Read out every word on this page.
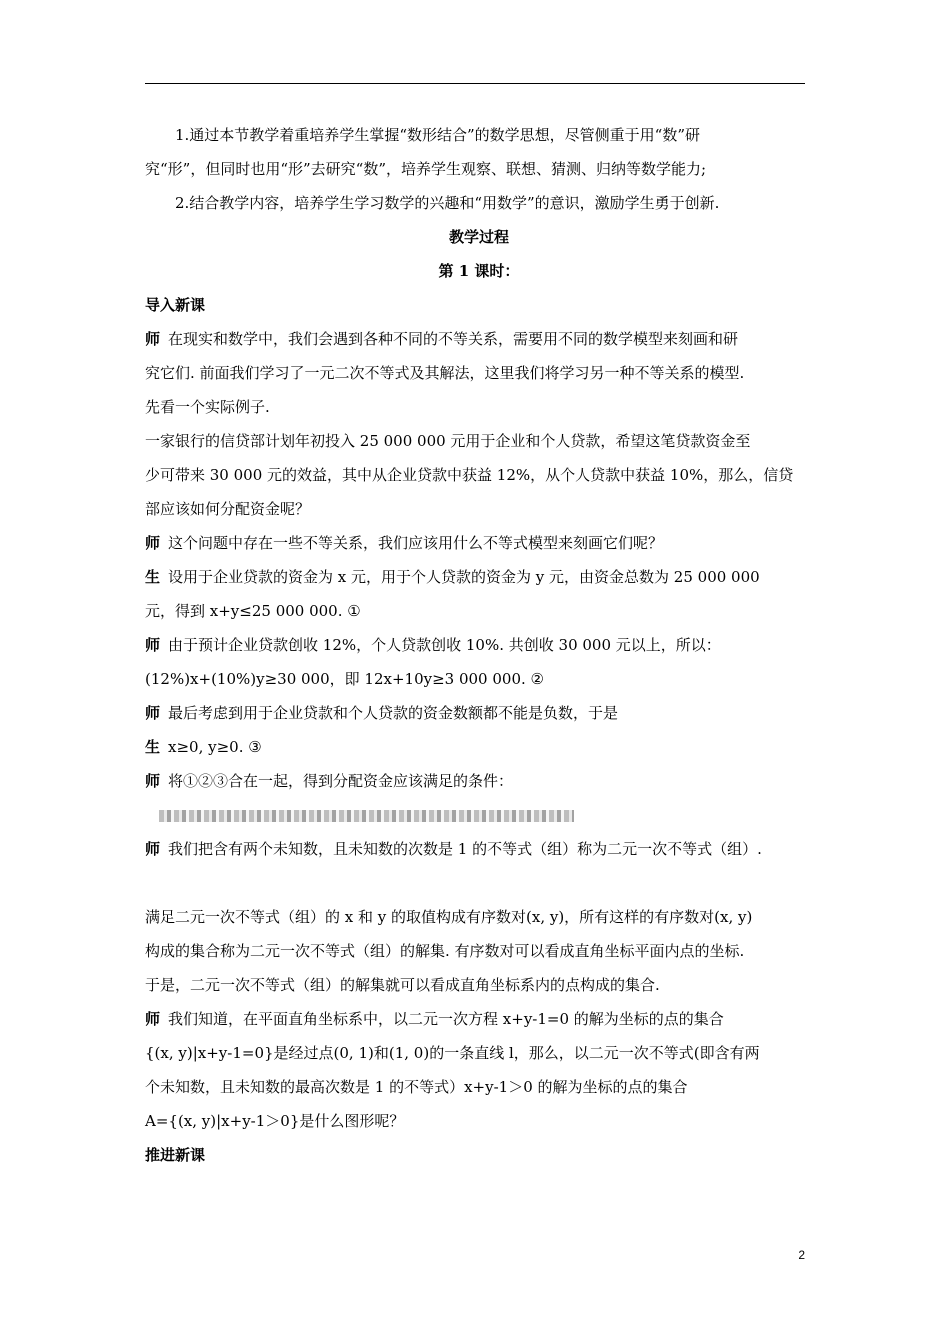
1.通过本节教学着重培养学生掌握“数形结合”的数学思想，尽管侧重于用“数”研
究“形”，但同时也用“形”去研究“数”，培养学生观察、联想、猜测、归纳等数学能力;
2.结合教学内容，培养学生学习数学的兴趣和“用数学”的意识，激励学生勇于创新.
教学过程
第 1 课时：
导入新课
师 在现实和数学中，我们会遇到各种不同的不等关系，需要用不同的数学模型来刻画和研
究它们. 前面我们学习了一元二次不等式及其解法，这里我们将学习另一种不等关系的模型.
先看一个实际例子.
一家银行的信贷部计划年初投入 25 000 000 元用于企业和个人贷款，希望这笔贷款资金至
少可带来 30 000 元的效益，其中从企业贷款中获益 12%，从个人贷款中获益 10%，那么，信贷
部应该如何分配资金呢？
师 这个问题中存在一些不等关系，我们应该用什么不等式模型来刻画它们呢？
生 设用于企业贷款的资金为 x 元，用于个人贷款的资金为 y 元，由资金总数为 25 000 000
元，得到 x+y≤25 000 000. ①
师 由于预计企业贷款创收 12%，个人贷款创收 10%. 共创收 30 000 元以上，所以：
(12%)x+(10%)y≥30 000，即 12x+10y≥3 000 000. ②
师 最后考虑到用于企业贷款和个人贷款的资金数额都不能是负数，于是
生 x≥0, y≥0. ③
师 将①②③合在一起，得到分配资金应该满足的条件：
师 我们把含有两个未知数，且未知数的次数是 1 的不等式（组）称为二元一次不等式（组）.
满足二元一次不等式（组）的 x 和 y 的取值构成有序数对(x, y)，所有这样的有序数对(x, y)
构成的集合称为二元一次不等式（组）的解集. 有序数对可以看成直角坐标平面内点的坐标.
于是，二元一次不等式（组）的解集就可以看成直角坐标系内的点构成的集合.
师 我们知道，在平面直角坐标系中，以二元一次方程 x+y-1=0 的解为坐标的点的集合
{(x, y)|x+y-1=0}是经过点(0, 1)和(1, 0)的一条直线 l，那么，以二元一次不等式(即含有两
个未知数，且未知数的最高次数是 1 的不等式）x+y-1＞0 的解为坐标的点的集合
A={(x, y)|x+y-1＞0}是什么图形呢？
推进新课
2
